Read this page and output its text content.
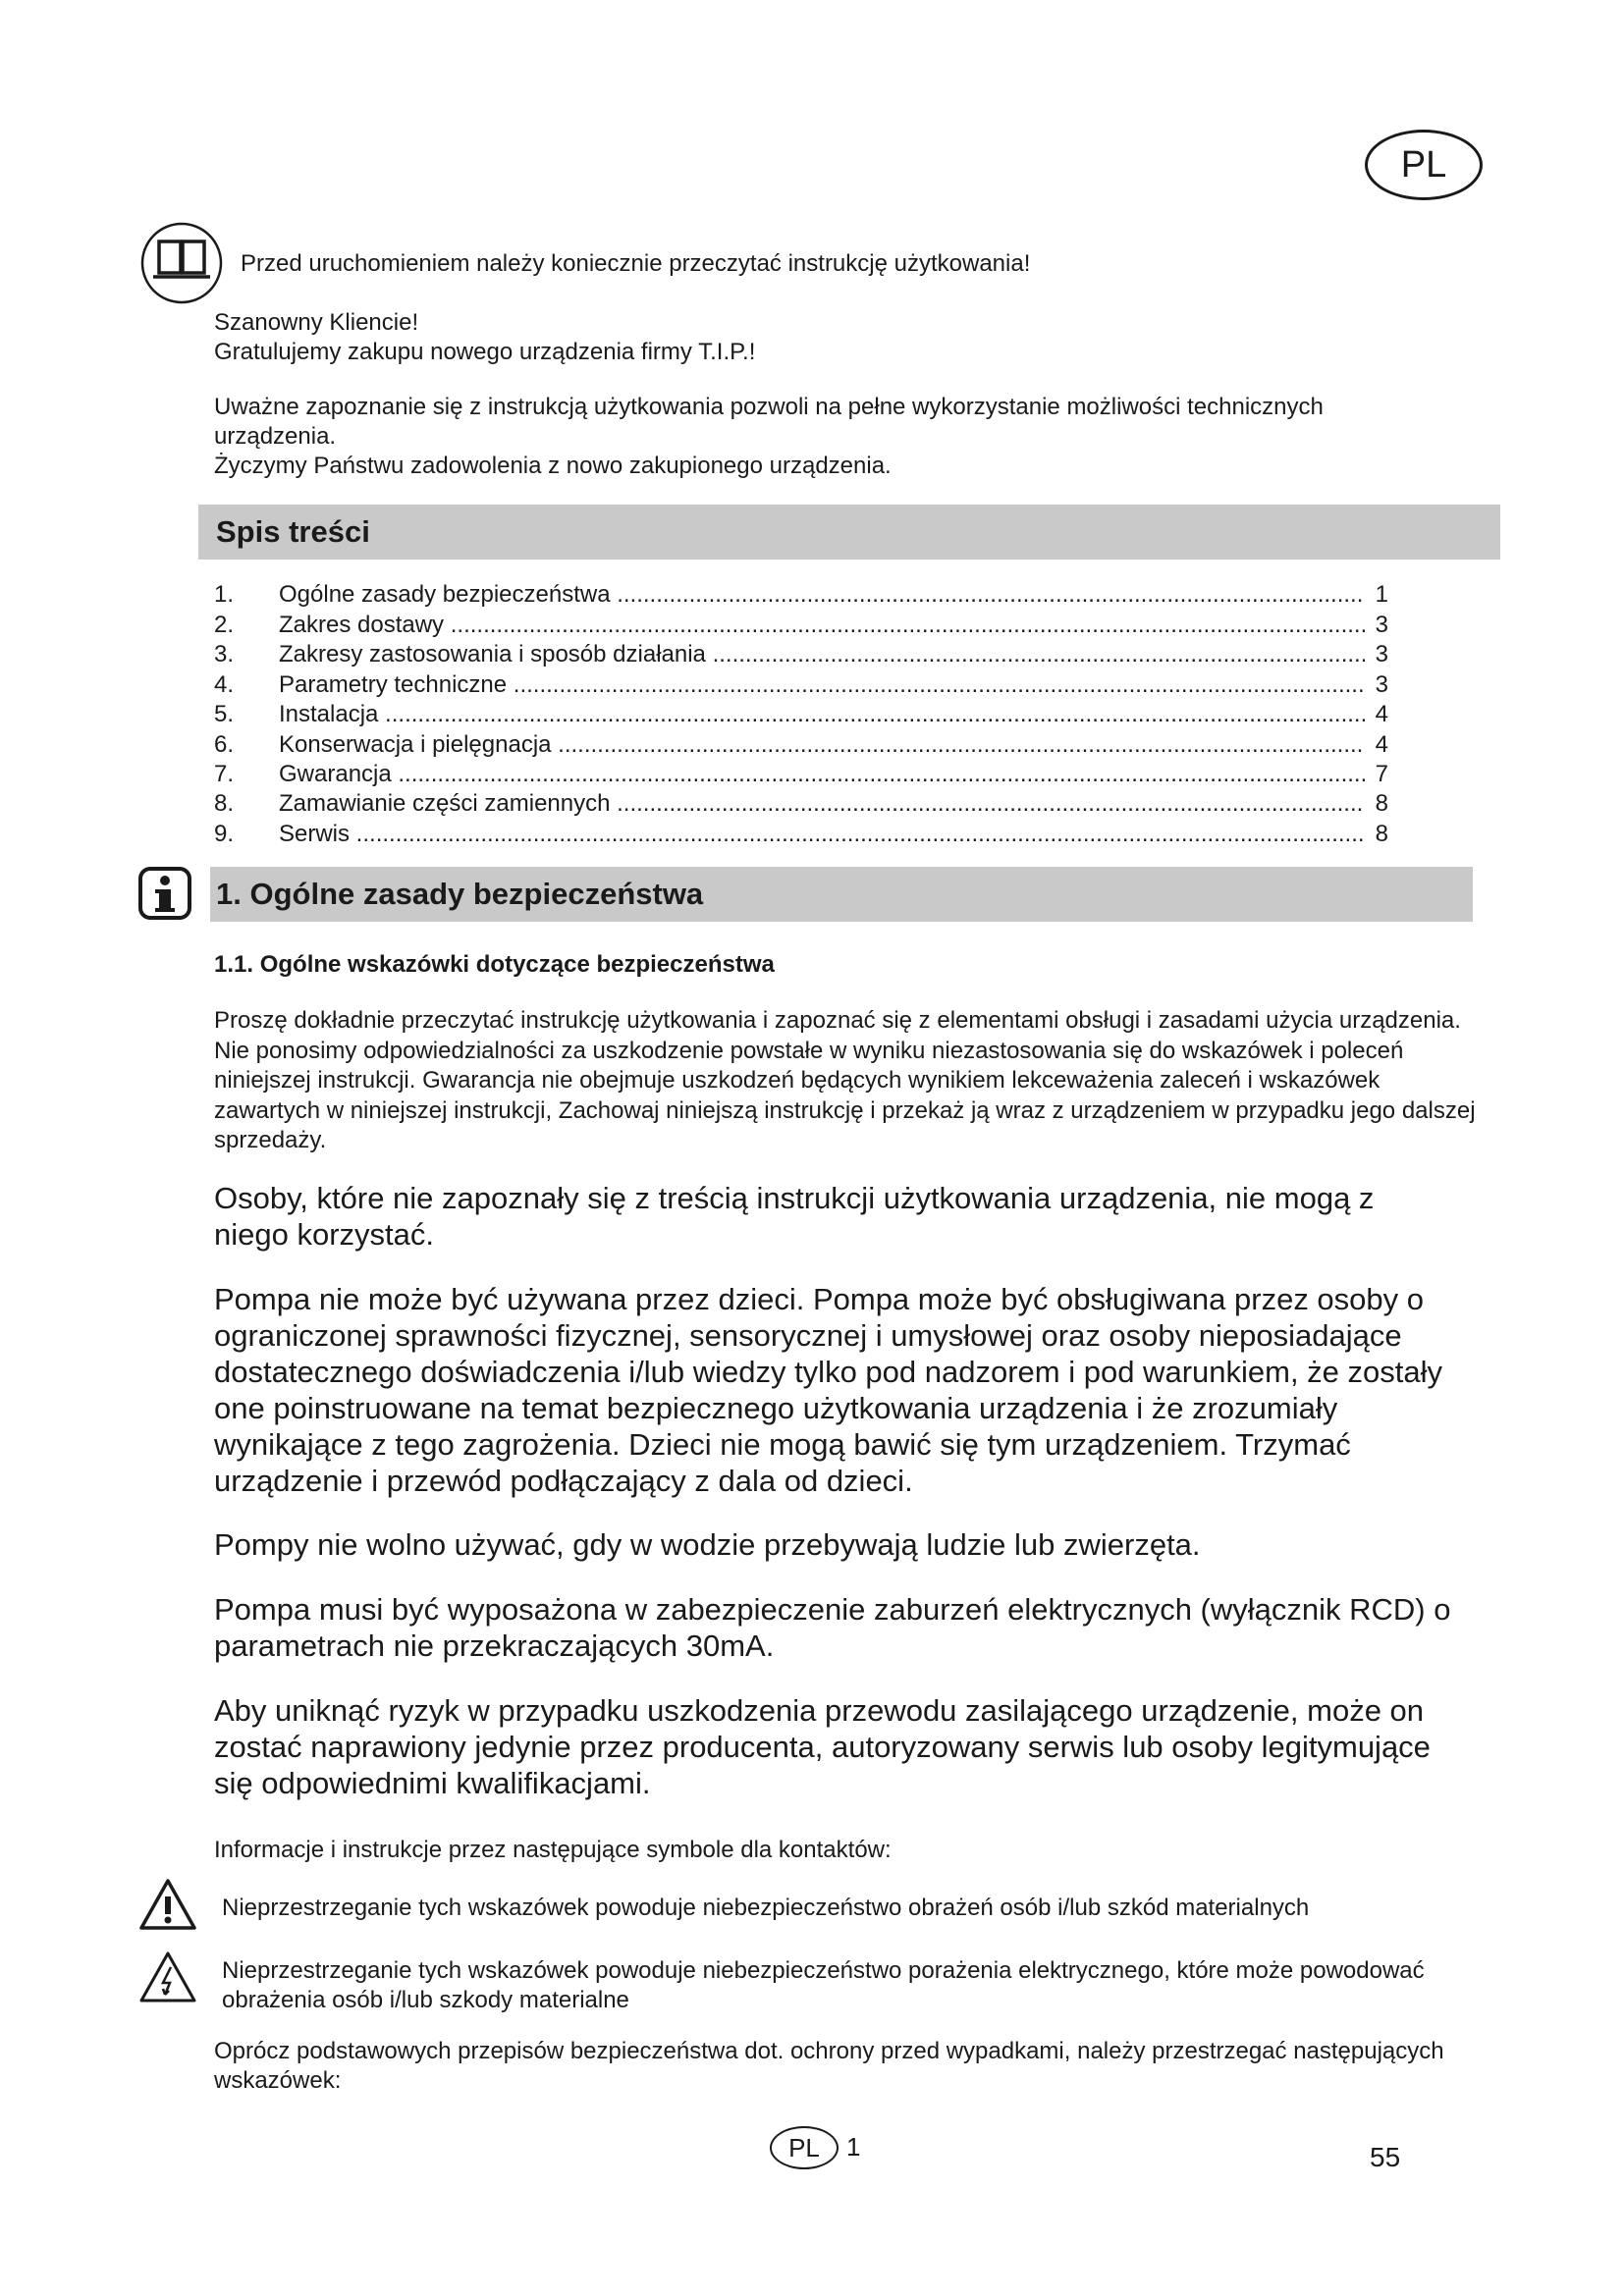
PL

Przed uruchomieniem należy koniecznie przeczytać instrukcję użytkowania!

Szanowny Kliencie!

Gratulujemy zakupu nowego urządzenia firmy T.I.P.!

Uważne zapoznanie się z instrukcją użytkowania pozwoli na pełne wykorzystanie możliwości technicznych urządzenia.

Życzymy Państwu zadowolenia z nowo zakupionego urządzenia.

Spis treści
1. Ogólne zasady bezpieczeństwa .....	1
2. Zakres dostawy .....	3
3. Zakresy zastosowania i sposób działania .....	3
4. Parametry techniczne .....	3
5. Instalacja .....	4
6. Konserwacja i pielęgnacja .....	4
7. Gwarancja .....	7
8. Zamawianie części zamiennych .....	8
9. Serwis .....	8
1. Ogólne zasady bezpieczeństwa

1.1. Ogólne wskazówki dotyczące bezpieczeństwa

Proszę dokładnie przeczytać instrukcję użytkowania i zapoznać się z elementami obsługi i zasadami użycia urządzenia. Nie ponosimy odpowiedzialności za uszkodzenie powstałe w wyniku niezastosowania się do wskazówek i poleceń niniejszej instrukcji. Gwarancja nie obejmuje uszkodzeń będących wynikiem lekceważenia zaleceń i wskazówek zawartych w niniejszej instrukcji, Zachowaj niniejszą instrukcję i przekaż ją wraz z urządzeniem w przypadku jego dalszej sprzedaży.

Osoby, które nie zapoznały się z treścią instrukcji użytkowania urządzenia, nie mogą z niego korzystać.

Pompa nie może być używana przez dzieci. Pompa może być obsługiwana przez osoby o ograniczonej sprawności fizycznej, sensorycznej i umysłowej oraz osoby nieposiadające dostatecznego doświadczenia i/lub wiedzy tylko pod nadzorem i pod warunkiem, że zostały one poinstruowane na temat bezpiecznego użytkowania urządzenia i że zrozumiały wynikające z tego zagrożenia. Dzieci nie mogą bawić się tym urządzeniem. Trzymać urządzenie i przewód podłączający z dala od dzieci.

Pompy nie wolno używać, gdy w wodzie przebywają ludzie lub zwierzęta.

Pompa musi być wyposażona w zabezpieczenie zaburzeń elektrycznych (wyłącznik RCD) o parametrach nie przekraczających 30mA.

Aby uniknąć ryzyk w przypadku uszkodzenia przewodu zasilającego urządzenie, może on zostać naprawiony jedynie przez producenta, autoryzowany serwis lub osoby legitymujące się odpowiednimi kwalifikacjami.

Informacje i instrukcje przez następujące symbole dla kontaktów:

Nieprzestrzeganie tych wskazówek powoduje niebezpieczeństwo obrażeń osób i/lub szkód materialnych

Nieprzestrzeganie tych wskazówek powoduje niebezpieczeństwo porażenia elektrycznego, które może powodować obrażenia osób i/lub szkody materialne

Oprócz podstawowych przepisów bezpieczeństwa dot. ochrony przed wypadkami, należy przestrzegać następujących wskazówek:

PL 1	55
